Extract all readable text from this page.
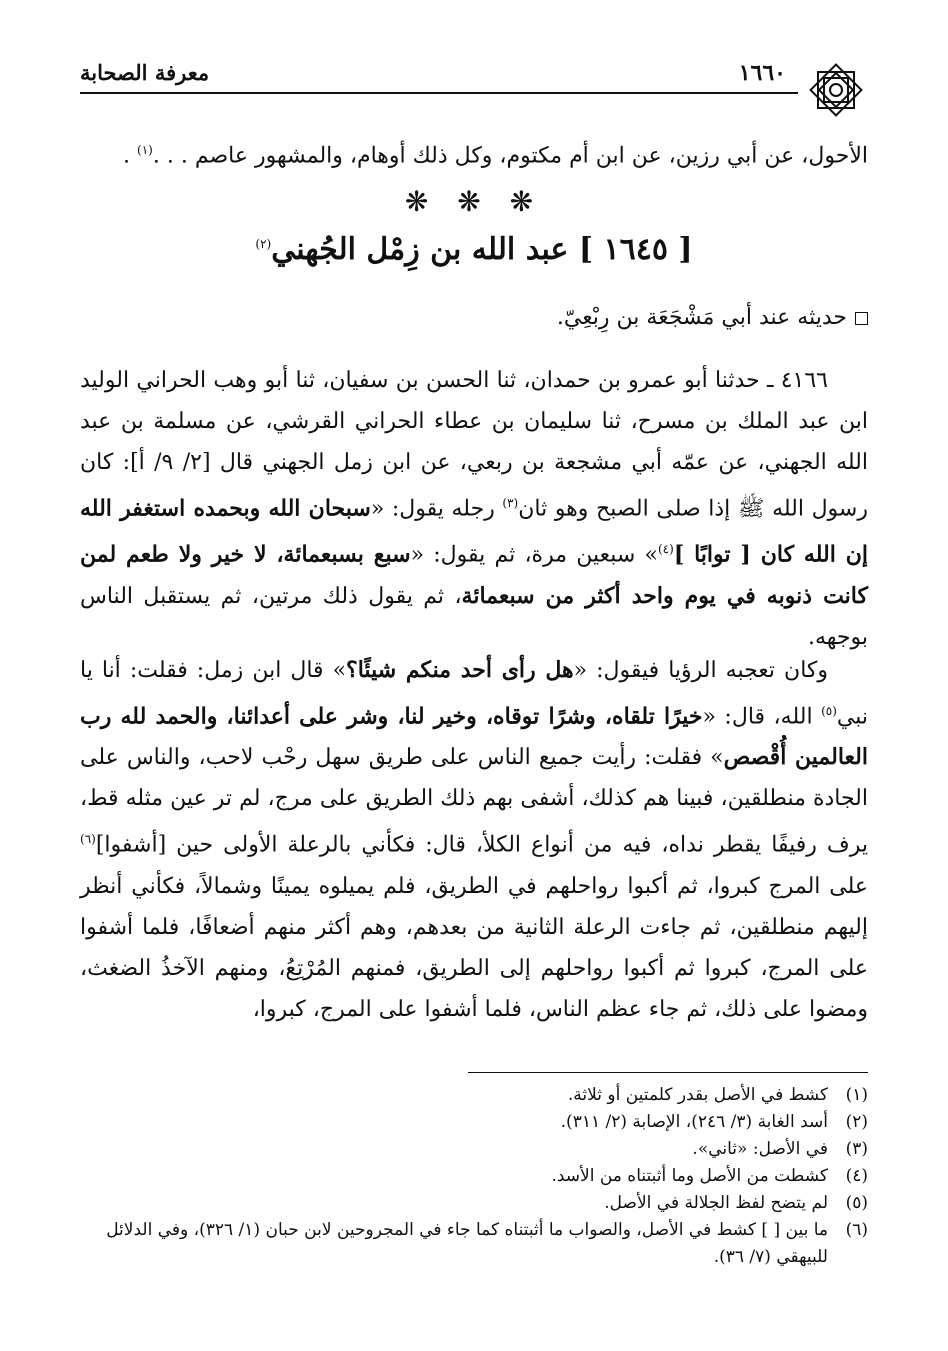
١٦٦٠
معرفة الصحابة
الأحول، عن أبي رزين، عن ابن أم مكتوم، وكل ذلك أوهام، والمشهور عاصم . . .$^{(١)}$ .
❋ ❋ ❋
[ ١٦٤٥ ] عبد الله بن زِمْل الجُهني$^{(٢)}$
حديثه عند أبي مَشْجَعَة بن رِبْعِيّ.
٤١٦٦ ـ حدثنا أبو عمرو بن حمدان، ثنا الحسن بن سفيان، ثنا أبو وهب الحراني الوليد ابن عبد الملك بن مسرح، ثنا سليمان بن عطاء الحراني القرشي، عن مسلمة بن عبد الله الجهني، عن عمّه أبي مشجعة بن ربعي، عن ابن زمل الجهني قال [٢/ ٩/ أ]: كان رسول الله ﷺ إذا صلى الصبح وهو ثان$^{(٣)}$ رجله يقول: «سبحان الله وبحمده استغفر الله إن الله كان [ توابًا ]$^{(٤)}$» سبعين مرة، ثم يقول: «سبع بسبعمائة، لا خير ولا طعم لمن كانت ذنوبه في يوم واحد أكثر من سبعمائة، ثم يقول ذلك مرتين، ثم يستقبل الناس بوجهه.
وكان تعجبه الرؤيا فيقول: «هل رأى أحد منكم شيئًا؟» قال ابن زمل: فقلت: أنا يا نبي$^{(٥)}$ الله، قال: «خيرًا تلقاه، وشرًا توقاه، وخير لنا، وشر على أعدائنا، والحمد لله رب العالمين أُقْصص» فقلت: رأيت جميع الناس على طريق سهل رحْب لاحب، والناس على الجادة منطلقين، فبينا هم كذلك، أشفى بهم ذلك الطريق على مرج، لم تر عين مثله قط، يرف رفيفًا يقطر نداه، فيه من أنواع الكلأ، قال: فكأني بالرعلة الأولى حين [أشفوا]$^{(٦)}$ على المرج كبروا، ثم أكبوا رواحلهم في الطريق، فلم يميلوه يمينًا وشمالاً، فكأني أنظر إليهم منطلقين، ثم جاءت الرعلة الثانية من بعدهم، وهم أكثر منهم أضعافًا، فلما أشفوا على المرج، كبروا ثم أكبوا رواحلهم إلى الطريق، فمنهم المُرْتِعُ، ومنهم الآخذُ الضغث، ومضوا على ذلك، ثم جاء عظم الناس، فلما أشفوا على المرج، كبروا،

(١)
كشط في الأصل بقدر كلمتين أو ثلاثة.

(٢)
أسد الغابة (٣/ ٢٤٦)، الإصابة (٢/ ٣١١).

(٣)
في الأصل: «ثاني».

(٤)
كشطت من الأصل وما أثبتناه من الأسد.

(٥)
لم يتضح لفظ الجلالة في الأصل.

(٦)
ما بين [ ] كشط في الأصل، والصواب ما أثبتناه كما جاء في المجروحين لابن حبان (١/ ٣٢٦)، وفي الدلائل للبيهقي (٧/ ٣٦).
